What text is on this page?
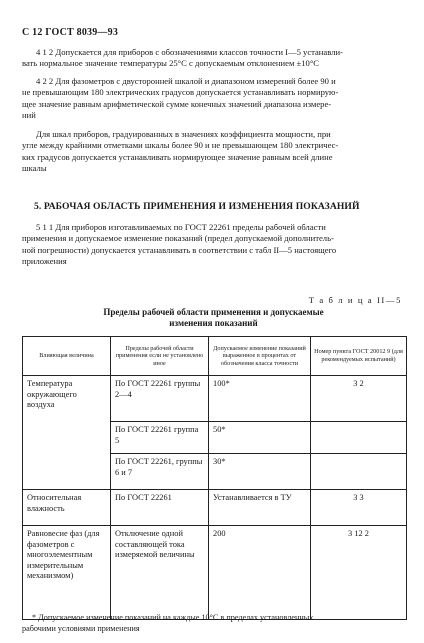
С 12 ГОСТ 8039—93

4 1 2 Допускается для приборов с обозначениями классов точности I—5 устанавли-
вать нормальное значение температуры 25°С с допускаемым отклонением ±10°С

4 2 2 Для фазометров с двусторонней шкалой и диапазоном измерений более 90 и
не превышающим 180 электрических градусов допускается устанавливать нормирую-
щее значение равным арифметической сумме конечных значений диапазона измере-
ний

Для шкал приборов, градуированных в значениях коэффициента мощности, при
угле между крайними отметками шкалы более 90 и не превышающем 180 электричес-
ких градусов допускается устанавливать нормирующее значение равным всей длине
шкалы

5. РАБОЧАЯ ОБЛАСТЬ ПРИМЕНЕНИЯ И ИЗМЕНЕНИЯ ПОКАЗАНИЙ

5 1 1 Для приборов изготавливаемых по ГОСТ 22261 пределы рабочей области
применения и допускаемое изменение показаний (предел допускаемой дополнитель-
ной погрешности) допускается устанавливать в соответствии с табл II—5 настоящего
приложения

Т а б л и ц а II—5
Пределы рабочей области применения и допускаемые
изменения показаний
Влияющая величина	Пределы рабочей области применения если не установлено иное	Допускаемое изменение показаний выраженное в процентах от обозначения класса точности	Номер пункта ГОСТ 20012 9 (для рекомендуемых испытаний)
Температура окружающего воздуха	По ГОСТ 22261 группы 2—4	100*	3 2
	По ГОСТ 22261 группа 5	50*	
	По ГОСТ 22261, группы 6 и 7	30*	
Относительная влажность	По ГОСТ 22261	Устанавливается в ТУ	3 3
Равновесие фаз (для фазометров с многоэлементным измерительным механизмом)	Отключение одной составляющей тока измеряемой величины	200	3 12 2
* Допускаемое изменение показаний на каждые 10°С в пределах установленных
рабочими условиями применения
